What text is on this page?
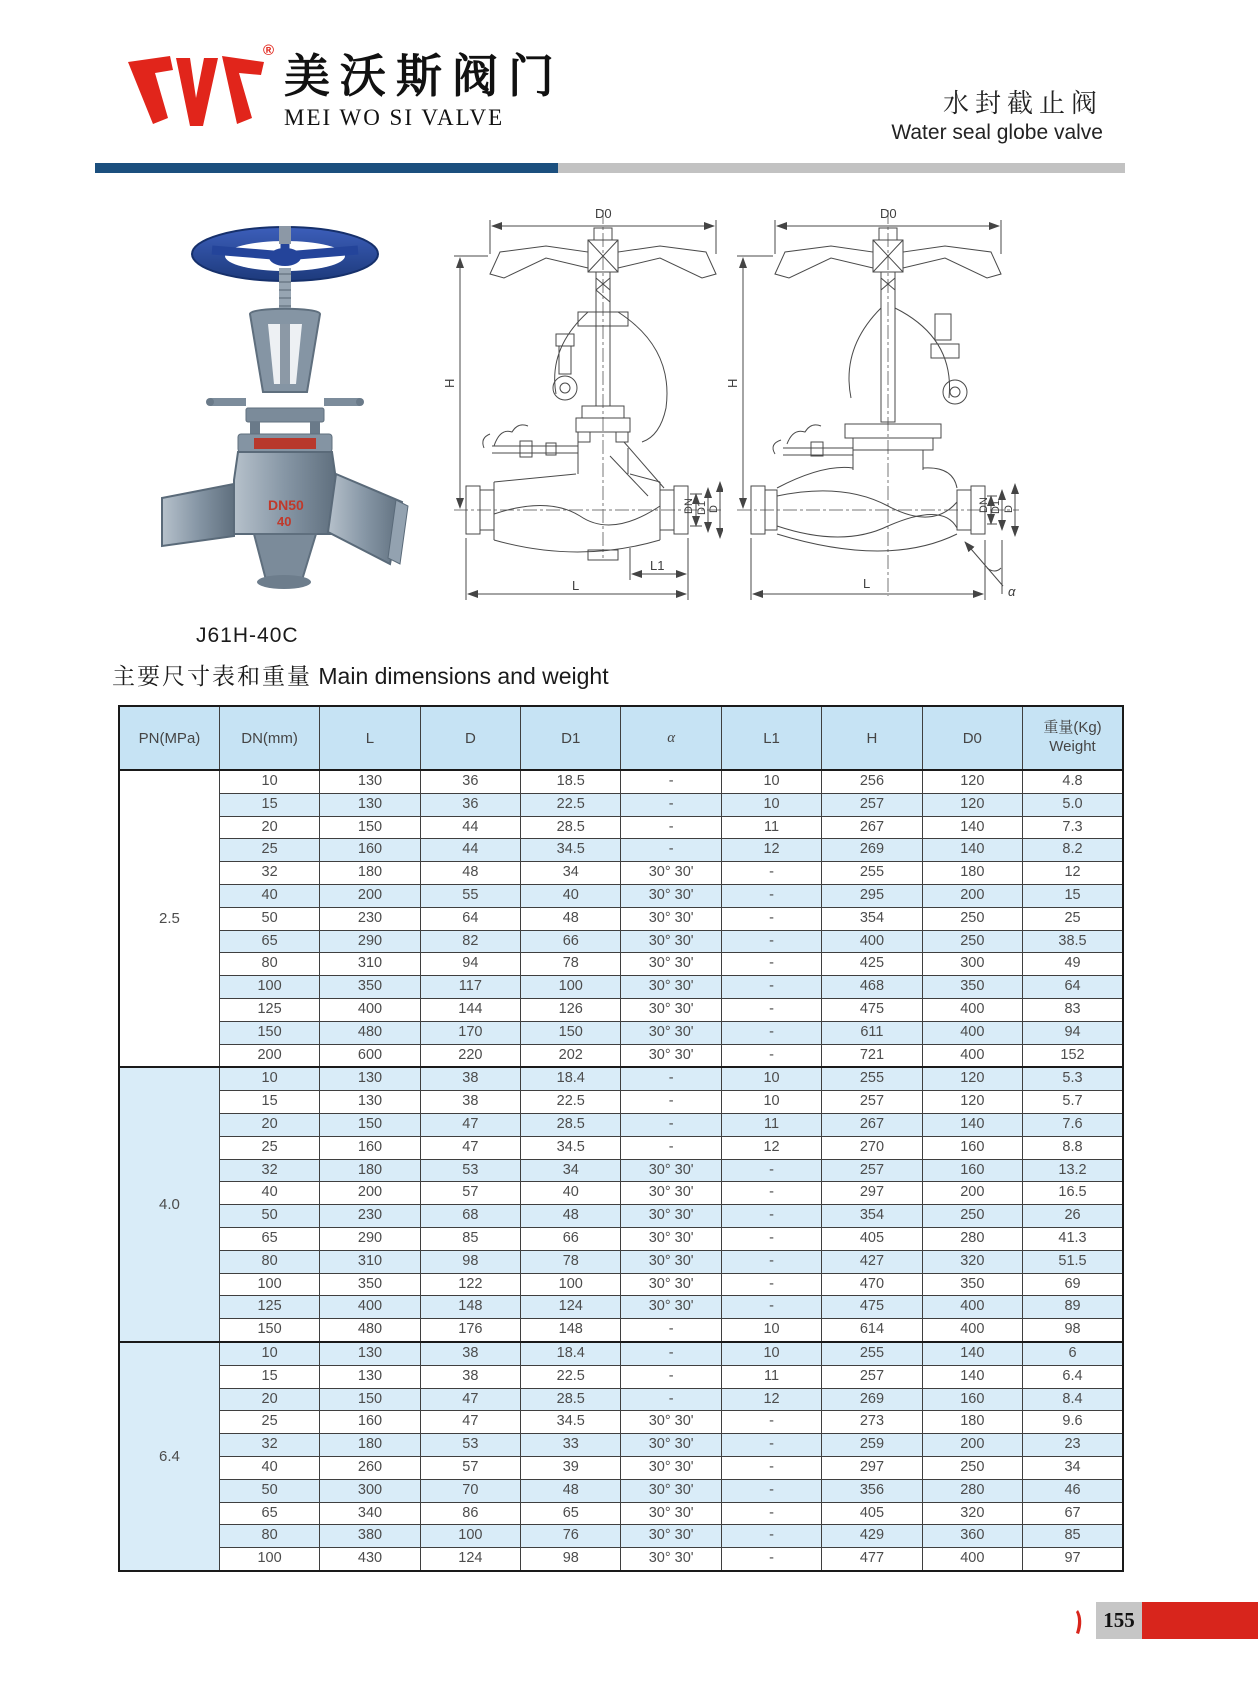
®
美沃斯阀门
MEI WO SI VALVE	水封截止阀
Water seal globe valve
DN50
40
J61H-40C
D0
H
DN D1 D
L1
L
D0
H
DN D1 D
α
L
主要尺寸表和重量 Main dimensions and weight
PN(MPa)	DN(mm)	L	D	D1	α	L1	H	D0	重量(Kg)
Weight

2.5	10	130	36	18.5	-	10	256	120	4.8
	15	130	36	22.5	-	10	257	120	5.0
	20	150	44	28.5	-	11	267	140	7.3
	25	160	44	34.5	-	12	269	140	8.2
	32	180	48	34	30° 30'	-	255	180	12
	40	200	55	40	30° 30'	-	295	200	15
	50	230	64	48	30° 30'	-	354	250	25
	65	290	82	66	30° 30'	-	400	250	38.5
	80	310	94	78	30° 30'	-	425	300	49
	100	350	117	100	30° 30'	-	468	350	64
	125	400	144	126	30° 30'	-	475	400	83
	150	480	170	150	30° 30'	-	611	400	94
	200	600	220	202	30° 30'	-	721	400	152
4.0	10	130	38	18.4	-	10	255	120	5.3
	15	130	38	22.5	-	10	257	120	5.7
	20	150	47	28.5	-	11	267	140	7.6
	25	160	47	34.5	-	12	270	160	8.8
	32	180	53	34	30° 30'	-	257	160	13.2
	40	200	57	40	30° 30'	-	297	200	16.5
	50	230	68	48	30° 30'	-	354	250	26
	65	290	85	66	30° 30'	-	405	280	41.3
	80	310	98	78	30° 30'	-	427	320	51.5
	100	350	122	100	30° 30'	-	470	350	69
	125	400	148	124	30° 30'	-	475	400	89
	150	480	176	148	-	10	614	400	98
6.4	10	130	38	18.4	-	10	255	140	6
	15	130	38	22.5	-	11	257	140	6.4
	20	150	47	28.5	-	12	269	160	8.4
	25	160	47	34.5	30° 30'	-	273	180	9.6
	32	180	53	33	30° 30'	-	259	200	23
	40	260	57	39	30° 30'	-	297	250	34
	50	300	70	48	30° 30'	-	356	280	46
	65	340	86	65	30° 30'	-	405	320	67
	80	380	100	76	30° 30'	-	429	360	85
	100	430	124	98	30° 30'	-	477	400	97
155
